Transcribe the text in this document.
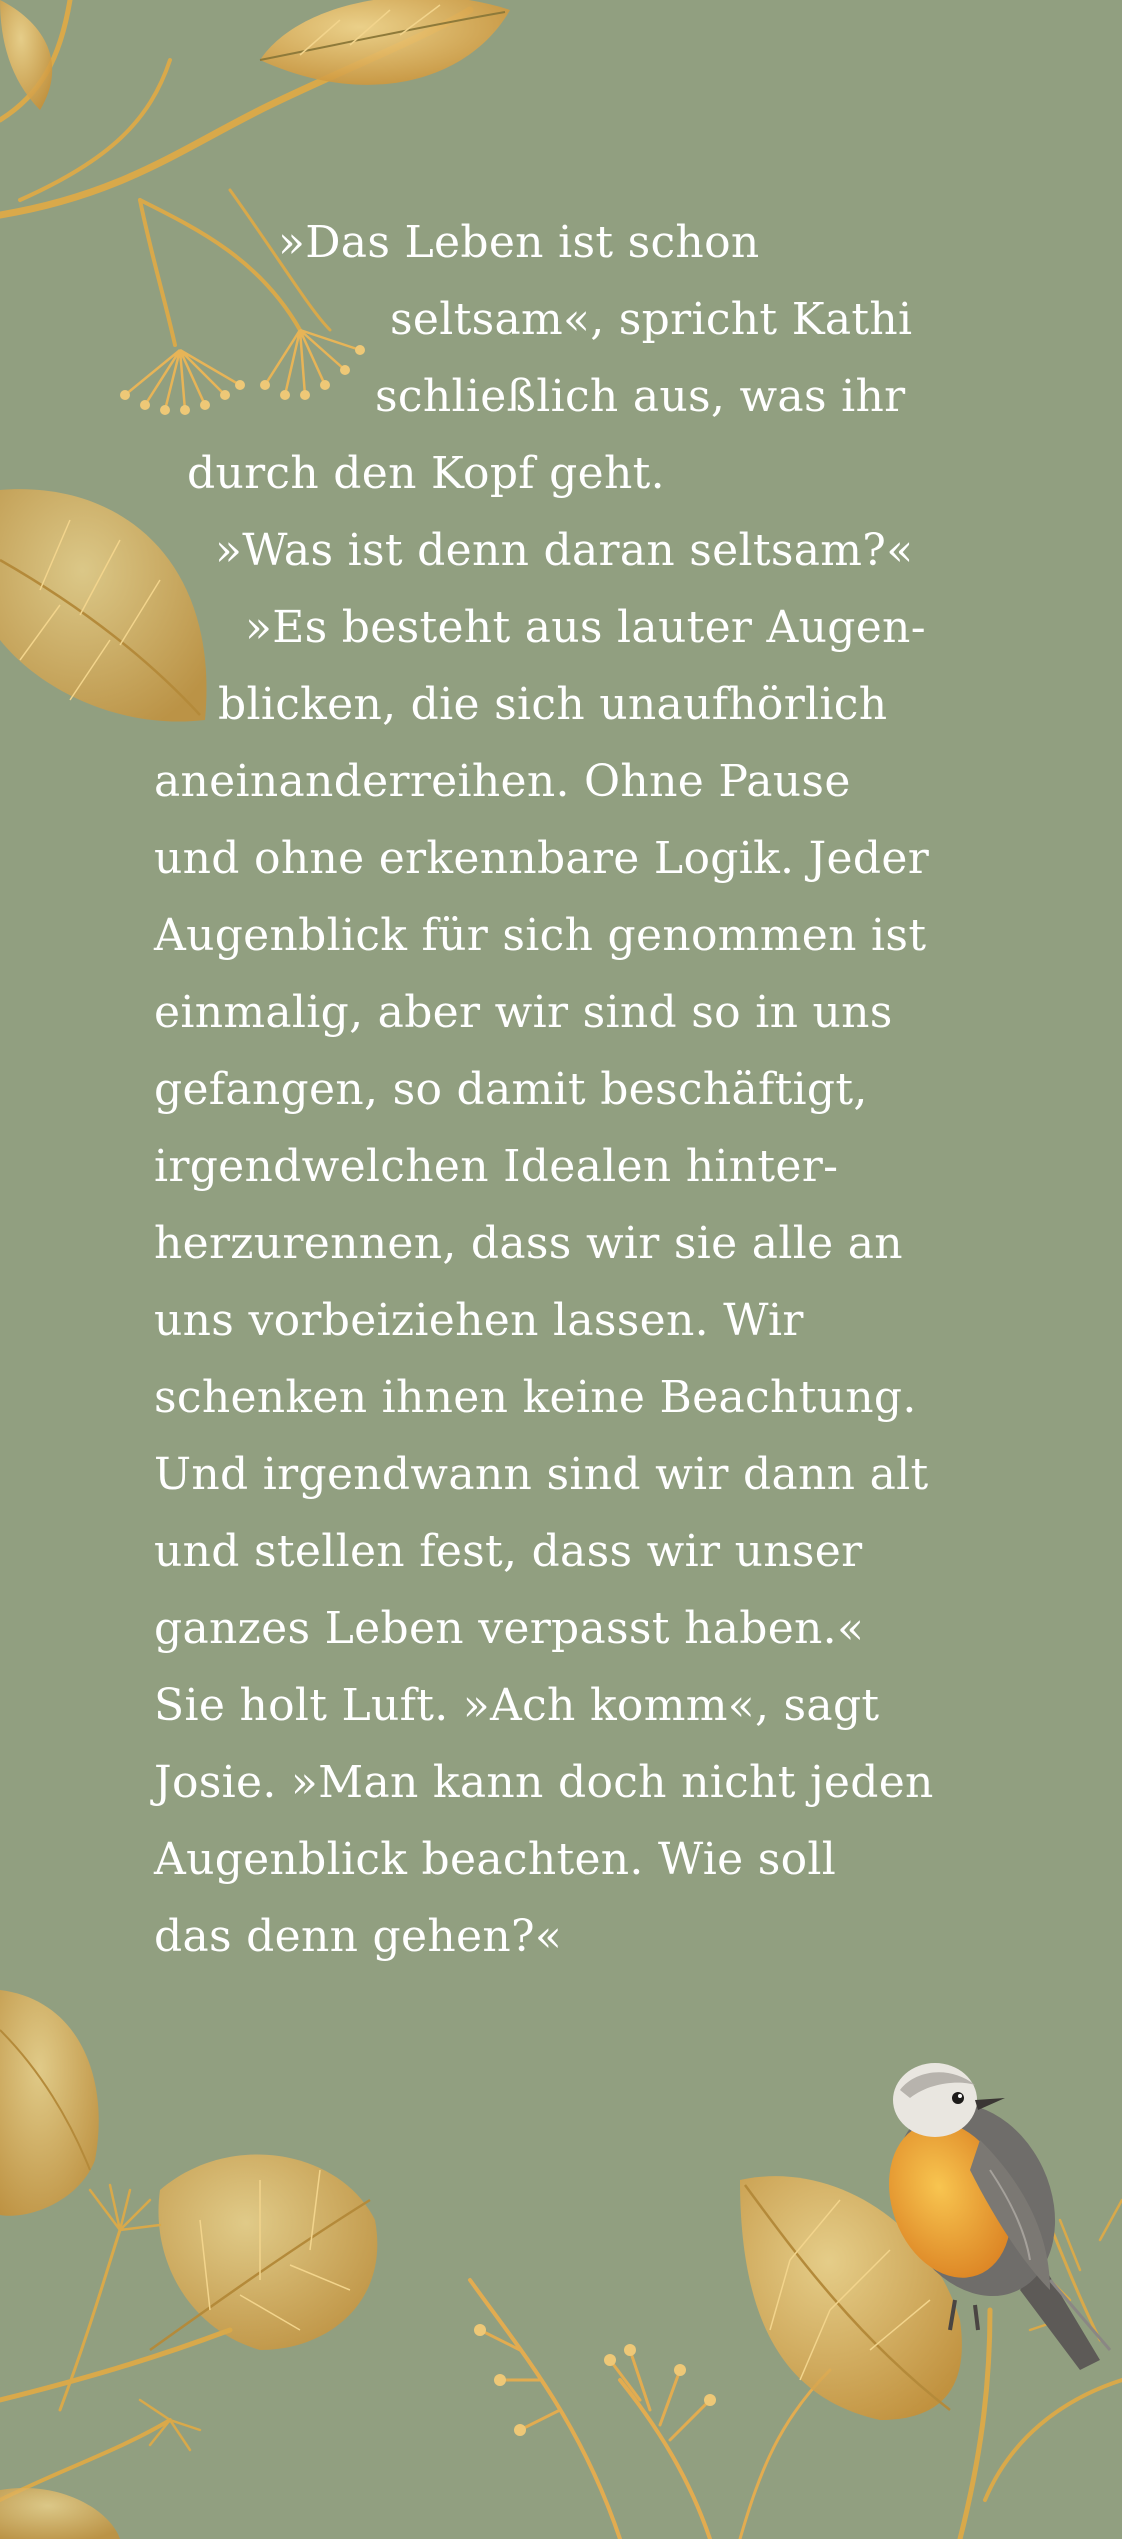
»Das Leben ist schon
seltsam«, spricht Kathi
schließlich aus, was ihr
durch den Kopf geht.
»Was ist denn daran seltsam?«
»Es besteht aus lauter Augen-
blicken, die sich unaufhörlich
aneinanderreihen. Ohne Pause
und ohne erkennbare Logik. Jeder
Augenblick für sich genommen ist
einmalig, aber wir sind so in uns
gefangen, so damit beschäftigt,
irgendwelchen Idealen hinter-
herzurennen, dass wir sie alle an
uns vorbeiziehen lassen. Wir
schenken ihnen keine Beachtung.
Und irgendwann sind wir dann alt
und stellen fest, dass wir unser
ganzes Leben verpasst haben.«
Sie holt Luft. »Ach komm«, sagt
Josie. »Man kann doch nicht jeden
Augenblick beachten. Wie soll
das denn gehen?«
